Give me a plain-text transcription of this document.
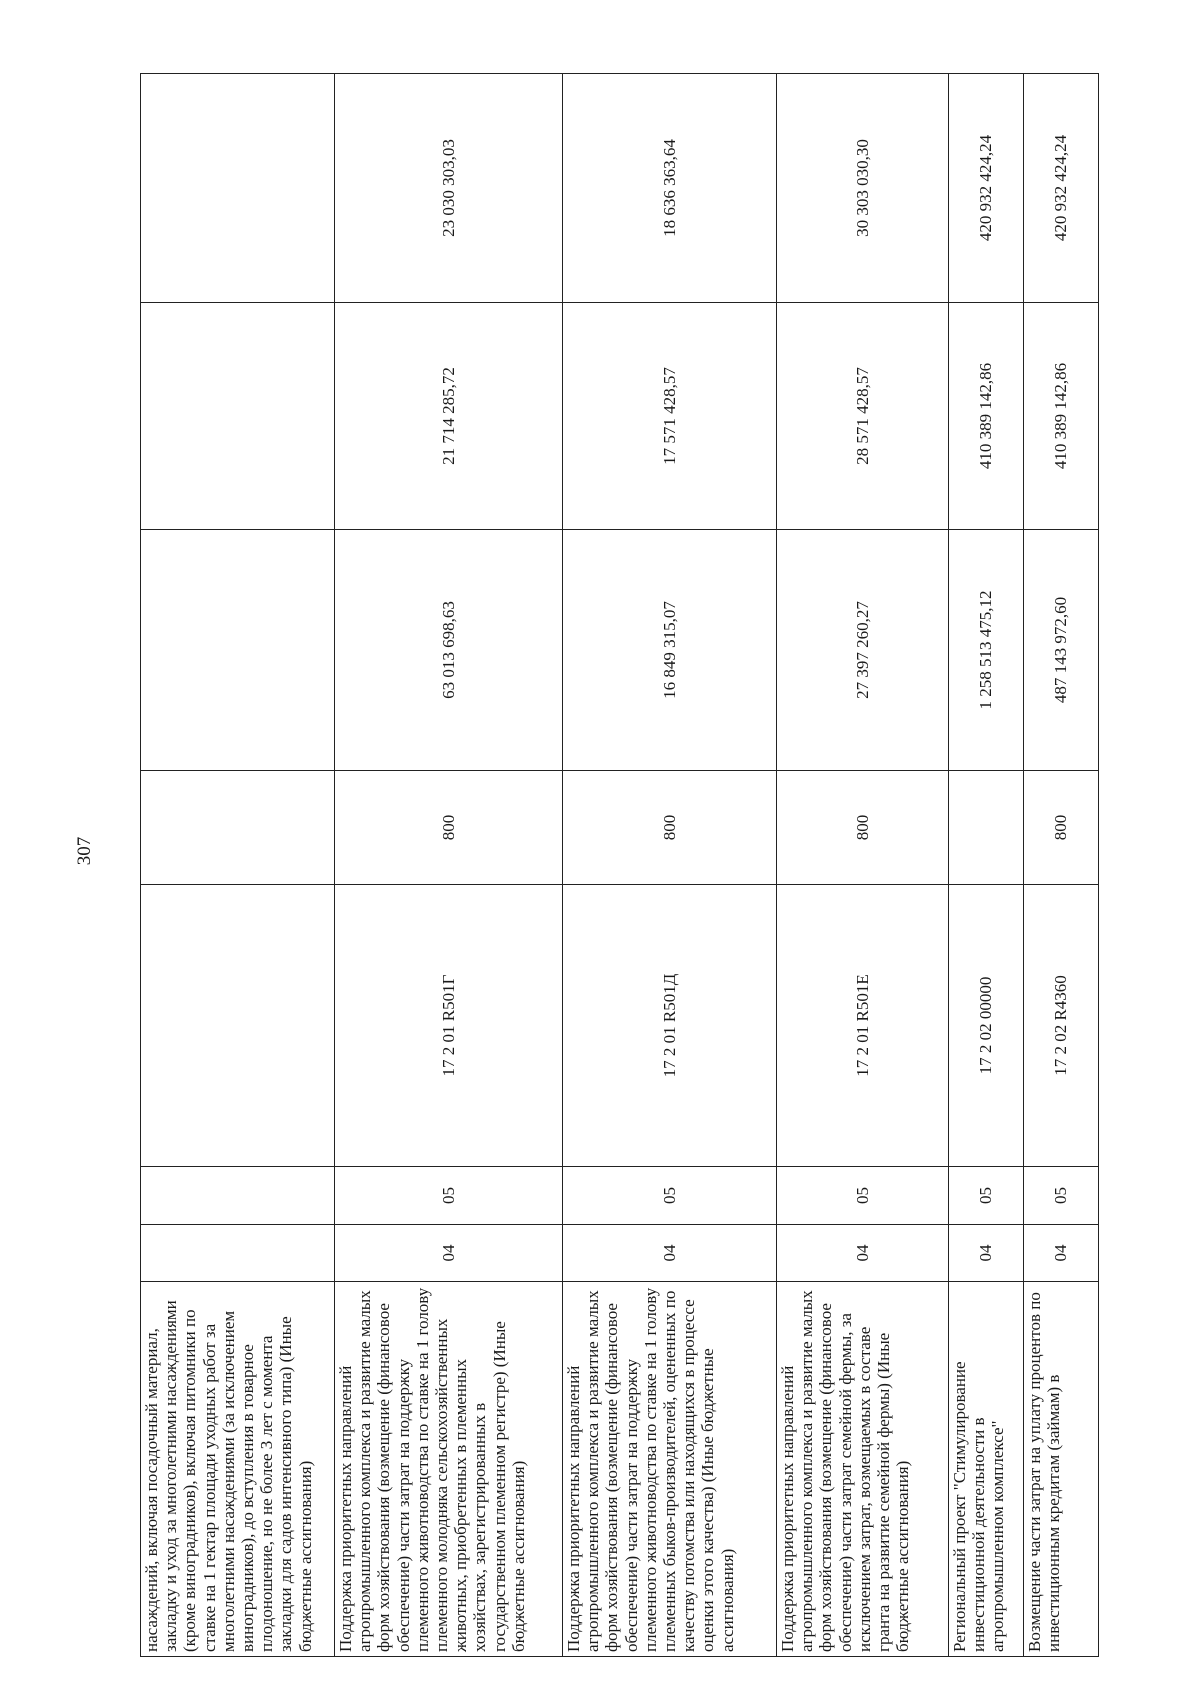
307
насаждений, включая посадочный материал, закладку и уход за многолетними насаждениями (кроме виноградников), включая питомники по ставке на 1 гектар площади уходных работ за многолетними насаждениями (за исключением виноградников), до вступления в товарное плодоношение, но не более 3 лет с момента закладки для садов интенсивного типа) (Иные бюджетные ассигнования)							
Поддержка приоритетных направлений агропромышленного комплекса и развитие малых форм хозяйствования (возмещение (финансовое обеспечение) части затрат на поддержку племенного животноводства по ставке на 1 голову племенного молодняка сельскохозяйственных животных, приобретенных в племенных хозяйствах, зарегистрированных в государственном племенном регистре) (Иные бюджетные ассигнования)	04	05	17 2 01 R501Г	800	63 013 698,63	21 714 285,72	23 030 303,03
Поддержка приоритетных направлений агропромышленного комплекса и развитие малых форм хозяйствования (возмещение (финансовое обеспечение) части затрат на поддержку племенного животноводства по ставке на 1 голову племенных быков-производителей, оцененных по качеству потомства или находящихся в процессе оценки этого качества) (Иные бюджетные ассигнования)	04	05	17 2 01 R501Д	800	16 849 315,07	17 571 428,57	18 636 363,64
Поддержка приоритетных направлений агропромышленного комплекса и развитие малых форм хозяйствования (возмещение (финансовое обеспечение) части затрат семейной фермы, за исключением затрат, возмещаемых в составе гранта на развитие семейной фермы) (Иные бюджетные ассигнования)	04	05	17 2 01 R501Е	800	27 397 260,27	28 571 428,57	30 303 030,30
Региональный проект "Стимулирование инвестиционной деятельности в агропромышленном комплексе"	04	05	17 2 02 00000		1 258 513 475,12	410 389 142,86	420 932 424,24
Возмещение части затрат на уплату процентов по инвестиционным кредитам (займам) в	04	05	17 2 02 R4360	800	487 143 972,60	410 389 142,86	420 932 424,24
